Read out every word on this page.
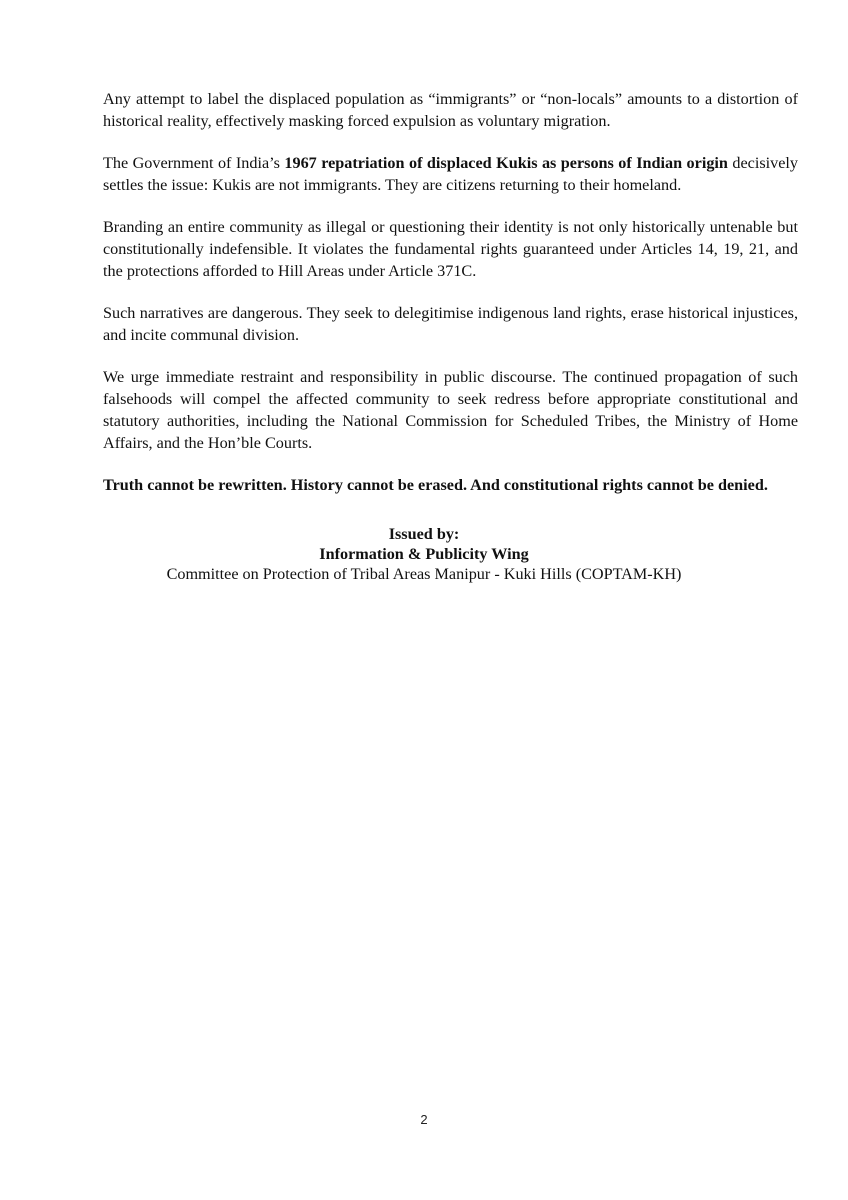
Any attempt to label the displaced population as “immigrants” or “non-locals” amounts to a distortion of historical reality, effectively masking forced expulsion as voluntary migration.

The Government of India’s 1967 repatriation of displaced Kukis as persons of Indian origin decisively settles the issue: Kukis are not immigrants. They are citizens returning to their homeland.

Branding an entire community as illegal or questioning their identity is not only historically untenable but constitutionally indefensible. It violates the fundamental rights guaranteed under Articles 14, 19, 21, and the protections afforded to Hill Areas under Article 371C.

Such narratives are dangerous. They seek to delegitimise indigenous land rights, erase historical injustices, and incite communal division.

We urge immediate restraint and responsibility in public discourse. The continued propagation of such falsehoods will compel the affected community to seek redress before appropriate constitutional and statutory authorities, including the National Commission for Scheduled Tribes, the Ministry of Home Affairs, and the Hon’ble Courts.

Truth cannot be rewritten. History cannot be erased. And constitutional rights cannot be denied.

Issued by:
Information & Publicity Wing
Committee on Protection of Tribal Areas Manipur - Kuki Hills (COPTAM-KH)
2
